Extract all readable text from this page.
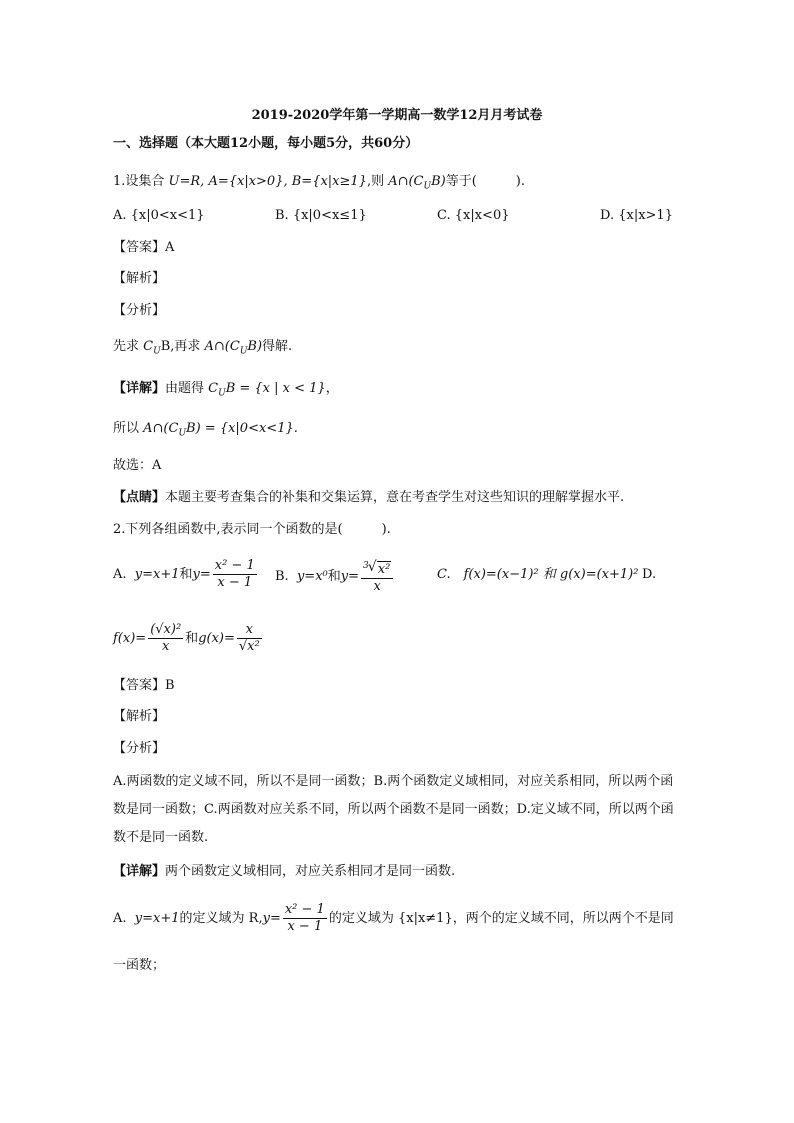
2019-2020学年第一学期高一数学12月月考试卷
一、选择题（本大题12小题，每小题5分，共60分）
1.设集合 U=R, A={x|x>0}, B={x|x≥1},则 $A\cap(C_UB)$等于(　　　).
A. {x|0<x<1}	B. {x|0<x≤1}	C. {x|x<0}	D. {x|x>1}
【答案】A
【解析】
【分析】
先求 $C_UB$,再求 $A\cap(C_UB)$得解.
【详解】由题得 $C_UB = \{x$ | x < 1}，
所以 $A\cap(C_UB) = \{x|0<x<1\}$.
故选：A
【点睛】本题主要考查集合的补集和交集运算，意在考查学生对这些知识的理解掌握水平.
2.下列各组函数中,表示同一个函数的是(　　　).
A. y=x+1和$y= \frac{\text{x² − 1}}{x - 1} B$. y=x⁰和$y= \frac{^3√ x^2}{x}$	C.　f(x)=(x−1)² 和 g(x)=(x+1)² D.
$f(x)= \frac{\text{(√x)²}}{x}$ 和$g(x)= \frac{x}{\text{√x²}}$
【答案】B
【解析】
【分析】
A.两函数的定义域不同，所以不是同一函数；B.两个函数定义域相同，对应关系相同，所以两个函数是同一函数；C.两函数对应关系不同，所以两个函数不是同一函数；D.定义域不同，所以两个函数不是同一函数.
【详解】两个函数定义域相同，对应关系相同才是同一函数.
A. y=x+1的定义域为 $R,y= \frac{\text{x² − 1}}{x - 1}$ 的定义域为 {x|x≠1}，两个的定义域不同，所以两个不是同
一函数；
